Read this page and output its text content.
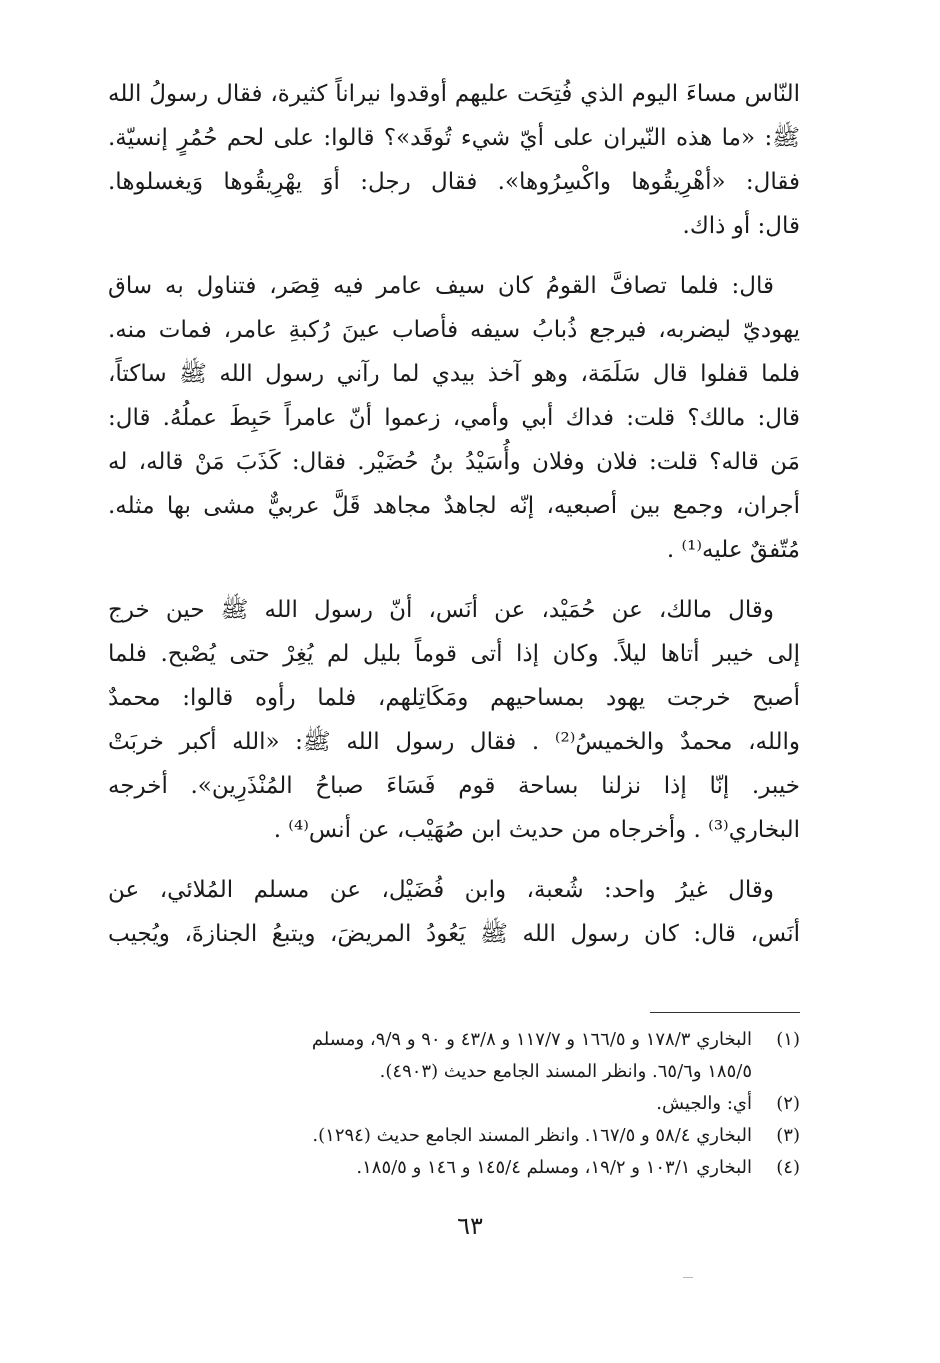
النّاس مساءَ اليوم الذي فُتِحَت عليهم أوقدوا نيراناً كثيرة، فقال رسولُ الله
ﷺ: «ما هذه النّيران على أيّ شيء تُوقَد»؟ قالوا: على لحم حُمُرٍ إنسيّة.
فقال: «أهْرِيقُوها واكْسِرُوها». فقال رجل: أوَ يهْرِيقُوها وَيغسلوها.
قال: أو ذاك.

قال: فلما تصافَّ القومُ كان سيف عامر فيه قِصَر، فتناول به ساق
يهوديّ ليضربه، فيرجع ذُبابُ سيفه فأصاب عينَ رُكبةِ عامر، فمات منه.
فلما قفلوا قال سَلَمَة، وهو آخذ بيدي لما رآني رسول الله ﷺ ساكتاً،
قال: مالك؟ قلت: فداك أبي وأمي، زعموا أنّ عامراً حَبِطَ عملُهُ. قال:
مَن قاله؟ قلت: فلان وفلان وأُسَيْدُ بنُ حُضَيْر. فقال: كَذَبَ مَنْ قاله، له
أجران، وجمع بين أصبعيه، إنّه لجاهدٌ مجاهد قَلَّ عربيٌّ مشى بها مثله.
مُتّفقٌ عليه⁽¹⁾ .

وقال مالك، عن حُمَيْد، عن أنَس، أنّ رسول الله ﷺ حين خرج
إلى خيبر أتاها ليلاً. وكان إذا أتى قوماً بليل لم يُغِرْ حتى يُصْبح. فلما
أصبح خرجت يهود بمساحيهم ومَكَاتِلهم، فلما رأوه قالوا: محمدٌ
والله، محمدٌ والخميسُ⁽²⁾ . فقال رسول الله ﷺ: «الله أكبر خربَتْ
خيبر. إنّا إذا نزلنا بساحة قوم فَسَاءَ صباحُ المُنْذَرِين». أخرجه
البخاري⁽³⁾ . وأخرجاه من حديث ابن صُهَيْب، عن أنس⁽⁴⁾ .

وقال غيرُ واحد: شُعبة، وابن فُضَيْل، عن مسلم المُلائي، عن
أنَس، قال: كان رسول الله ﷺ يَعُودُ المريضَ، ويتبعُ الجنازةَ، ويُجيب

(١)
البخاري ١٧٨/٣ و ١٦٦/٥ و ١١٧/٧ و ٤٣/٨ و ٩٠ و ٩/٩، ومسلم
١٨٥/٥ و٦٥/٦. وانظر المسند الجامع حديث (٤٩٠٣).
(٢)
أي: والجيش.
(٣)
البخاري ٥٨/٤ و ١٦٧/٥. وانظر المسند الجامع حديث (١٢٩٤).
(٤)
البخاري ١٠٣/١ و ١٩/٢، ومسلم ١٤٥/٤ و ١٤٦ و ١٨٥/٥.
٦٣
